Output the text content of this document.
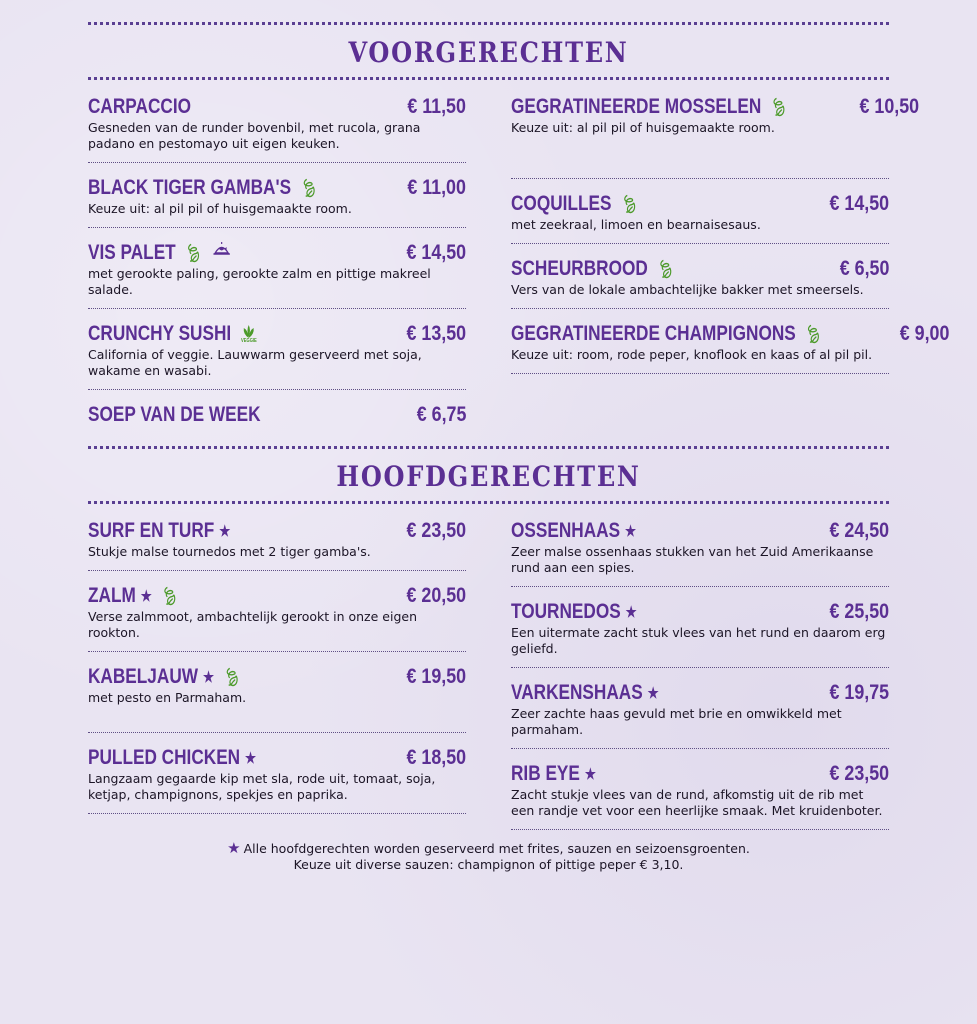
VOORGERECHTEN
CARPACCIO	€ 11,50
Gesneden van de runder bovenbil, met rucola, grana padano en pestomayo uit eigen keuken.
BLACK TIGER GAMBA'S 🍃︎	€ 11,00
Keuze uit: al pil pil of huisgemaakte room.
VIS PALET 🍃︎	€ 14,50
met gerookte paling, gerookte zalm en pittige makreel salade.
CRUNCHY SUSHI VEGGIE	€ 13,50
California of veggie. Lauwwarm geserveerd met soja, wakame en wasabi.
SOEP VAN DE WEEK	€ 6,75
GEGRATINEERDE MOSSELEN 🍃︎	€ 10,50
Keuze uit: al pil pil of huisgemaakte room.
COQUILLES 🍃︎	€ 14,50
met zeekraal, limoen en bearnaisesaus.
SCHEURBROOD 🍃︎	€ 6,50
Vers van de lokale ambachtelijke bakker met smeersels.
GEGRATINEERDE CHAMPIGNONS 🍃︎	€ 9,00
Keuze uit: room, rode peper, knoflook en kaas of al pil pil.
HOOFDGERECHTEN
SURF EN TURF ★	€ 23,50
Stukje malse tournedos met 2 tiger gamba's.
ZALM ★ 🍃︎	€ 20,50
Verse zalmmoot, ambachtelijk gerookt in onze eigen rookton.
KABELJAUW ★ 🍃︎	€ 19,50
met pesto en Parmaham.
PULLED CHICKEN ★	€ 18,50
Langzaam gegaarde kip met sla, rode uit, tomaat, soja, ketjap, champignons, spekjes en paprika.
OSSENHAAS ★	€ 24,50
Zeer malse ossenhaas stukken van het Zuid Amerikaanse rund aan een spies.
TOURNEDOS ★	€ 25,50
Een uitermate zacht stuk vlees van het rund en daarom erg geliefd.
VARKENSHAAS ★	€ 19,75
Zeer zachte haas gevuld met brie en omwikkeld met parmaham.
RIB EYE ★	€ 23,50
Zacht stukje vlees van de rund, afkomstig uit de rib met een randje vet voor een heerlijke smaak. Met kruidenboter.
★ Alle hoofdgerechten worden geserveerd met frites, sauzen en seizoensgroenten.
Keuze uit diverse sauzen: champignon of pittige peper € 3,10.
